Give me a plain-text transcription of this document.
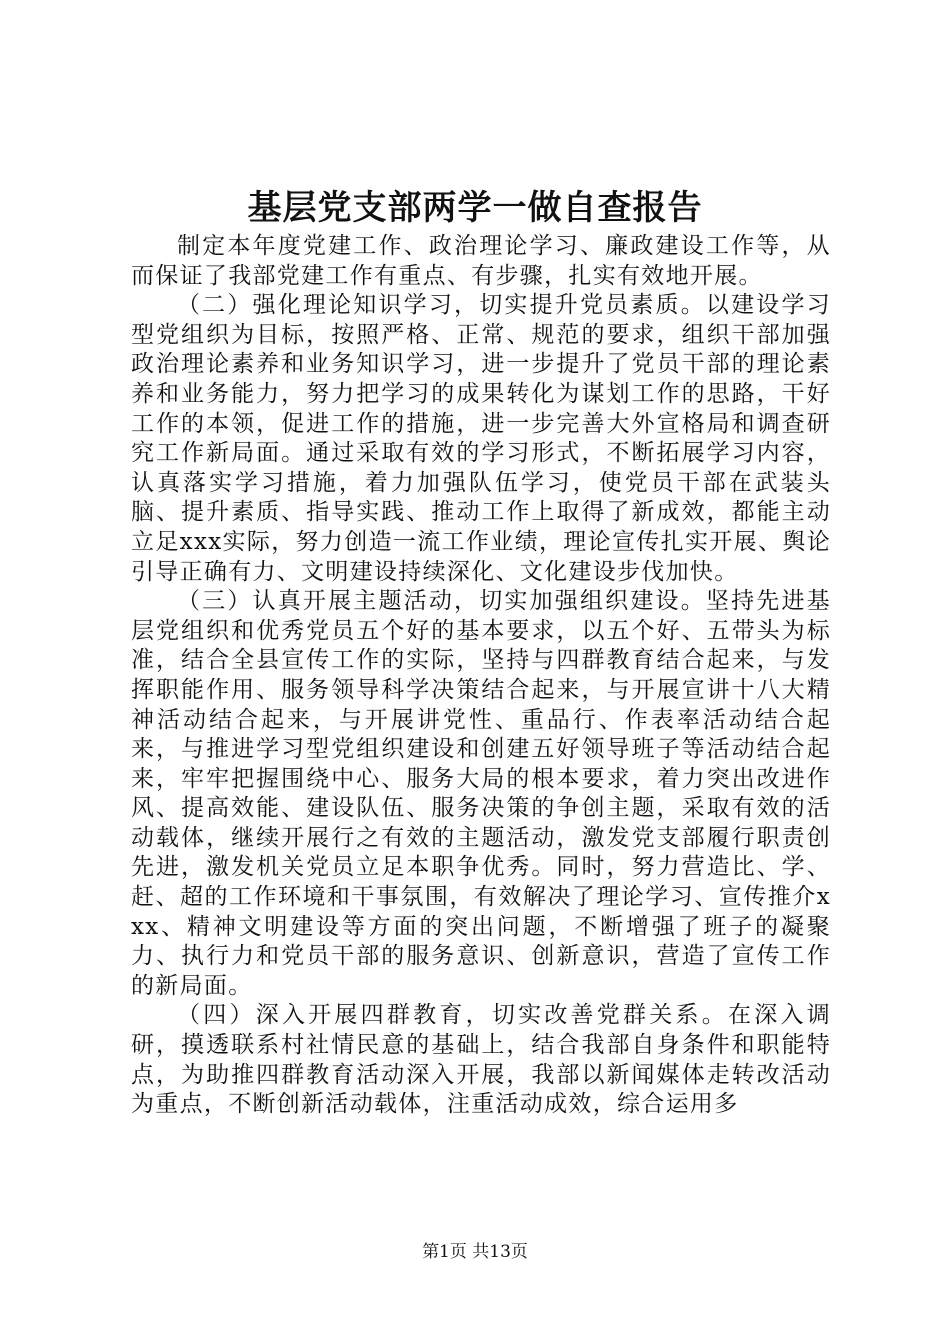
基层党支部两学一做自查报告

制定本年度党建工作、政治理论学习、廉政建设工作等，从而保证了我部党建工作有重点、有步骤，扎实有效地开展。

（二）强化理论知识学习，切实提升党员素质。以建设学习型党组织为目标，按照严格、正常、规范的要求，组织干部加强政治理论素养和业务知识学习，进一步提升了党员干部的理论素养和业务能力，努力把学习的成果转化为谋划工作的思路，干好工作的本领，促进工作的措施，进一步完善大外宣格局和调查研究工作新局面。通过采取有效的学习形式，不断拓展学习内容，认真落实学习措施，着力加强队伍学习，使党员干部在武装头脑、提升素质、指导实践、推动工作上取得了新成效，都能主动立足xxx实际，努力创造一流工作业绩，理论宣传扎实开展、舆论引导正确有力、文明建设持续深化、文化建设步伐加快。

（三）认真开展主题活动，切实加强组织建设。坚持先进基层党组织和优秀党员五个好的基本要求，以五个好、五带头为标准，结合全县宣传工作的实际，坚持与四群教育结合起来，与发挥职能作用、服务领导科学决策结合起来，与开展宣讲十八大精神活动结合起来，与开展讲党性、重品行、作表率活动结合起来，与推进学习型党组织建设和创建五好领导班子等活动结合起来，牢牢把握围绕中心、服务大局的根本要求，着力突出改进作风、提高效能、建设队伍、服务决策的争创主题，采取有效的活动载体，继续开展行之有效的主题活动，激发党支部履行职责创先进，激发机关党员立足本职争优秀。同时，努力营造比、学、赶、超的工作环境和干事氛围，有效解决了理论学习、宣传推介xxx、精神文明建设等方面的突出问题，不断增强了班子的凝聚力、执行力和党员干部的服务意识、创新意识，营造了宣传工作的新局面。

（四）深入开展四群教育，切实改善党群关系。在深入调研，摸透联系村社情民意的基础上，结合我部自身条件和职能特点，为助推四群教育活动深入开展，我部以新闻媒体走转改活动为重点，不断创新活动载体，注重活动成效，综合运用多

第1页 共13页
